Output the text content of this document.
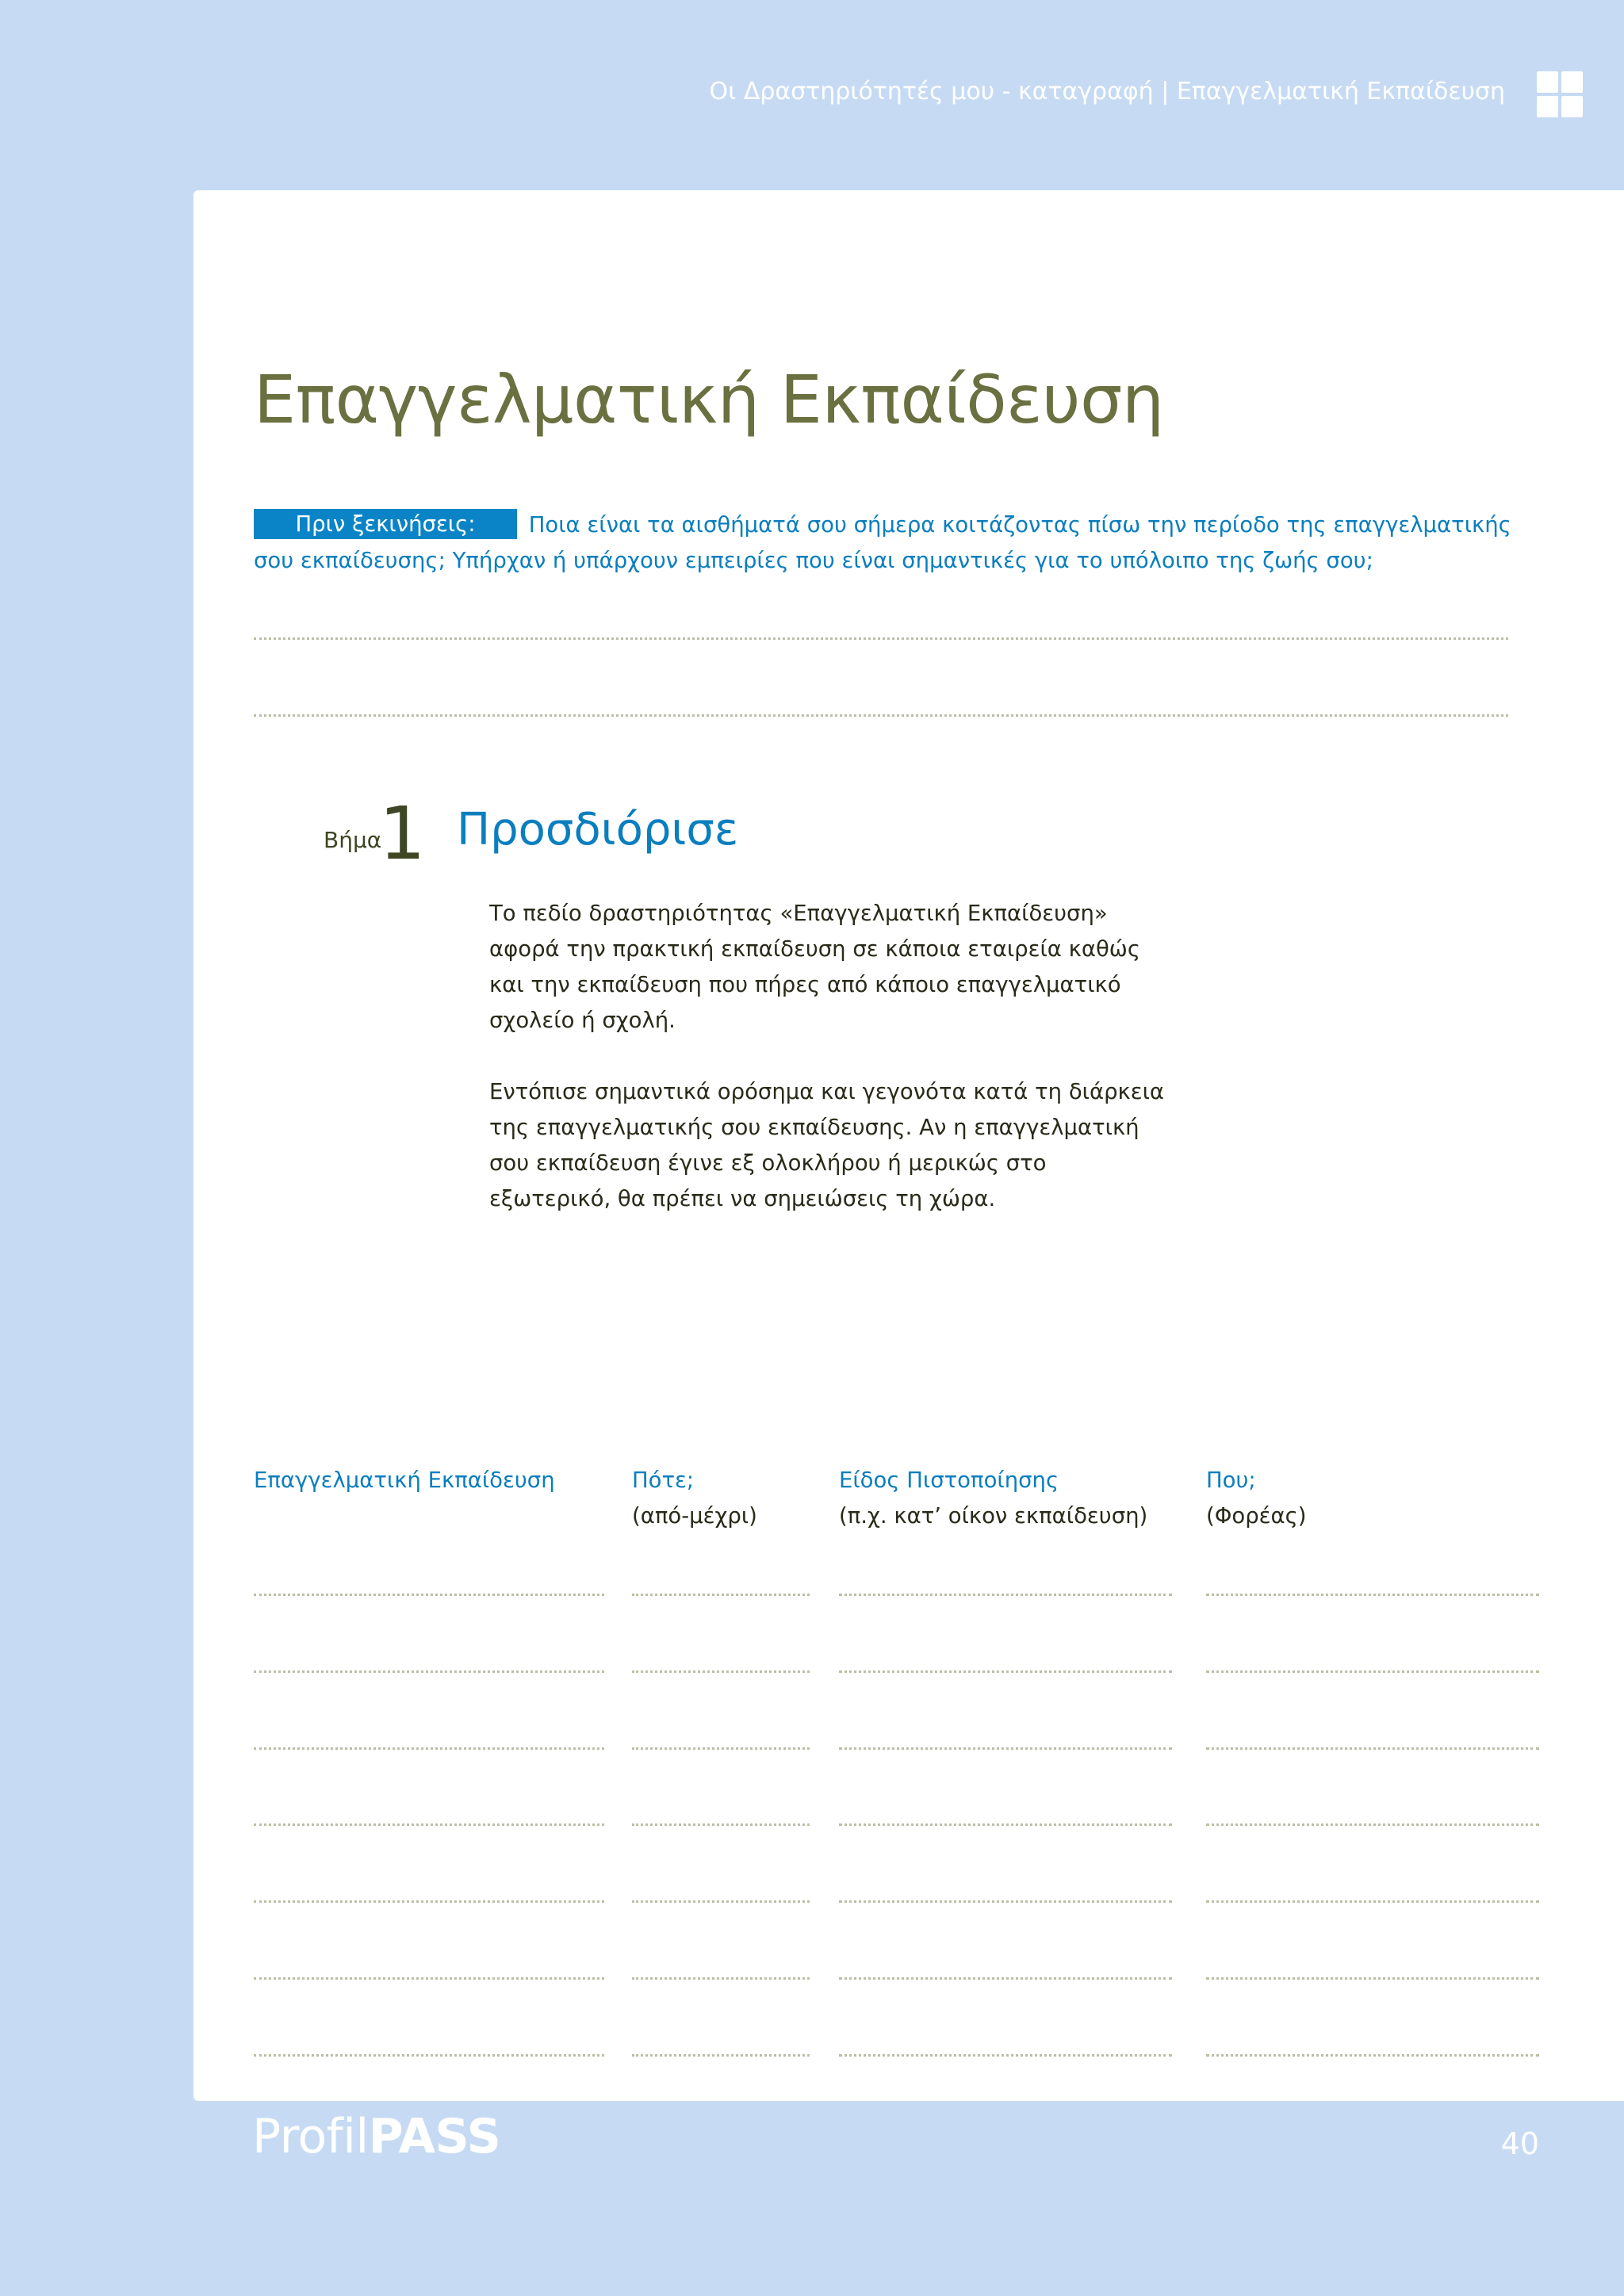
Οι Δραστηριότητές μου - καταγραφή | Επαγγελματική Εκπαίδευση
Επαγγελματική Εκπαίδευση
Πριν ξεκινήσεις: Ποια είναι τα αισθήματά σου σήμερα κοιτάζοντας πίσω την περίοδο της επαγγελματικής σου εκπαίδευσης; Υπήρχαν ή υπάρχουν εμπειρίες που είναι σημαντικές για το υπόλοιπο της ζωής σου;
Βήμα
1 Προσδιόρισε

Το πεδίο δραστηριότητας «Επαγγελματική Εκπαίδευση» αφορά την πρακτική εκπαίδευση σε κάποια εταιρεία καθώς και την εκπαίδευση που πήρες από κάποιο επαγγελματικό σχολείο ή σχολή.

Εντόπισε σημαντικά ορόσημα και γεγονότα κατά τη διάρκεια της επαγγελματικής σου εκπαίδευσης. Αν η επαγγελματική σου εκπαίδευση έγινε εξ ολοκλήρου ή μερικώς στο εξωτερικό, θα πρέπει να σημειώσεις τη χώρα.

Επαγγελματική Εκπαίδευση	Πότε;
(από-μέχρι)
Είδος Πιστοποίησης
(π.χ. κατ’ οίκον εκπαίδευση)
Που;
(Φορέας)
ProfilPASS	40
